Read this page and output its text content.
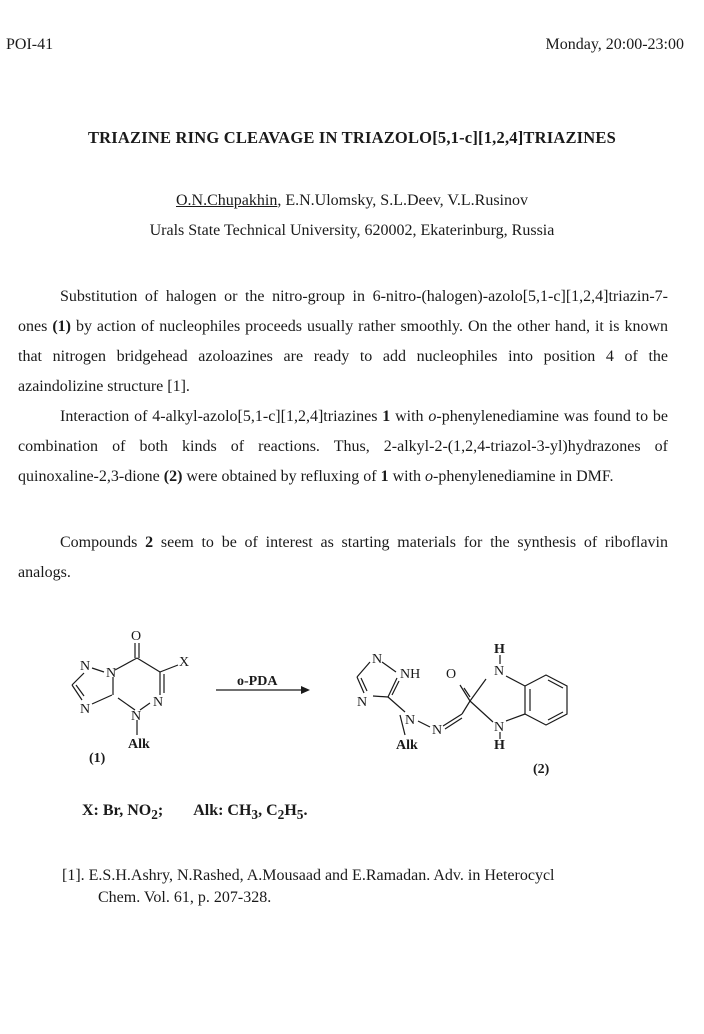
POI-41	Monday, 20:00-23:00
TRIAZINE RING CLEAVAGE IN TRIAZOLO[5,1-c][1,2,4]TRIAZINES
O.N.Chupakhin, E.N.Ulomsky, S.L.Deev, V.L.Rusinov
Urals State Technical University, 620002, Ekaterinburg, Russia

Substitution of halogen or the nitro-group in 6-nitro-(halogen)-azolo[5,1-c][1,2,4]triazin-7-ones (1) by action of nucleophiles proceeds usually rather smoothly. On the other hand, it is known that nitrogen bridgehead azoloazines are ready to add nucleophiles into position 4 of the azaindolizine structure [1].

Interaction of 4-alkyl-azolo[5,1-c][1,2,4]triazines 1 with o-phenylenediamine was found to be combination of both kinds of reactions. Thus, 2-alkyl-2-(1,2,4-triazol-3-yl)hydrazones of quinoxaline-2,3-dione (2) were obtained by refluxing of 1 with o-phenylenediamine in DMF.

Compounds 2 seem to be of interest as starting materials for the synthesis of riboflavin analogs.

O
X
N N
N	N
N
Alk
(1)
o-PDA
N
NH
N
O
H
N
N
N	N
H
Alk
(2)
X: Br, $NO_2$; Alk: $CH_3$, $C_2H_5$.
[1]. E.S.H.Ashry, N.Rashed, A.Mousaad and E.Ramadan. Adv. in Heterocycl
Chem. Vol. 61, p. 207-328.
